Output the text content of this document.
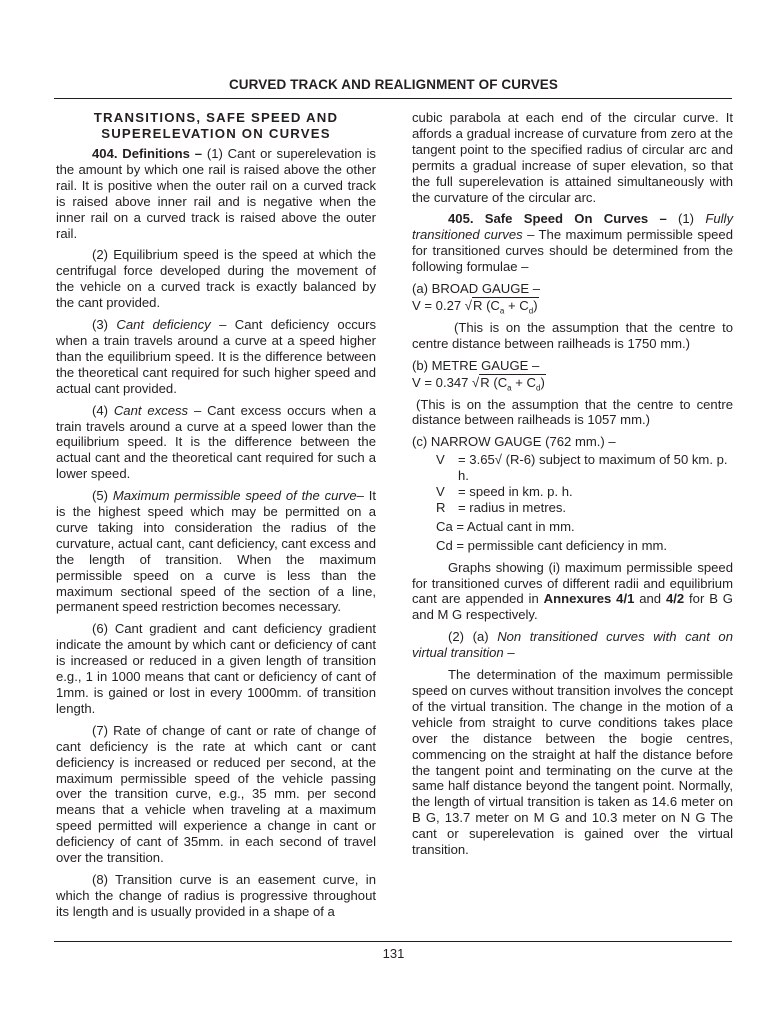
CURVED TRACK AND REALIGNMENT OF CURVES
TRANSITIONS, SAFE SPEED AND
SUPERELEVATION ON CURVES

404. Definitions – (1) Cant or superelevation is the amount by which one rail is raised above the other rail. It is positive when the outer rail on a curved track is raised above inner rail and is negative when the inner rail on a curved track is raised above the outer rail.

(2) Equilibrium speed is the speed at which the centrifugal force developed during the movement of the vehicle on a curved track is exactly balanced by the cant provided.

(3) Cant deficiency – Cant deficiency occurs when a train travels around a curve at a speed higher than the equilibrium speed. It is the difference between the theoretical cant required for such higher speed and actual cant provided.

(4) Cant excess – Cant excess occurs when a train travels around a curve at a speed lower than the equilibrium speed. It is the difference between the actual cant and the theoretical cant required for such a lower speed.

(5) Maximum permissible speed of the curve– It is the highest speed which may be permitted on a curve taking into consideration the radius of the curvature, actual cant, cant deficiency, cant excess and the length of transition. When the maximum permissible speed on a curve is less than the maximum sectional speed of the section of a line, permanent speed restriction becomes necessary.

(6) Cant gradient and cant deficiency gradient indicate the amount by which cant or deficiency of cant is increased or reduced in a given length of transition e.g., 1 in 1000 means that cant or deficiency of cant of 1mm. is gained or lost in every 1000mm. of transition length.

(7) Rate of change of cant or rate of change of cant deficiency is the rate at which cant or cant deficiency is increased or reduced per second, at the maximum permissible speed of the vehicle passing over the transition curve, e.g., 35 mm. per second means that a vehicle when traveling at a maximum speed permitted will experience a change in cant or deficiency of cant of 35mm. in each second of travel over the transition.

(8) Transition curve is an easement curve, in which the change of radius is progressive throughout its length and is usually provided in a shape of a

cubic parabola at each end of the circular curve. It affords a gradual increase of curvature from zero at the tangent point to the specified radius of circular arc and permits a gradual increase of super elevation, so that the full superelevation is attained simultaneously with the curvature of the circular arc.

405. Safe Speed On Curves – (1) Fully transitioned curves – The maximum permissible speed for transitioned curves should be determined from the following formulae –

(a) BROAD GAUGE –

V = 0.27 √R $(C_a + C_d)$

(This is on the assumption that the centre to centre distance between railheads is 1750 mm.)

(b) METRE GAUGE –

V = 0.347 √R $(C_a + C_d)$

(This is on the assumption that the centre to centre distance between railheads is 1057 mm.)

(c) NARROW GAUGE (762 mm.) –

V	= 3.65√ (R-6) subject to maximum of 50 km. p. h.
V	= speed in km. p. h.
R = radius in metres.
Ca = Actual cant in mm.
Cd = permissible cant deficiency in mm.

Graphs showing (i) maximum permissible speed for transitioned curves of different radii and equilibrium cant are appended in Annexures 4/1 and 4/2 for B G and M G respectively.

(2) (a) Non transitioned curves with cant on virtual transition –

The determination of the maximum permissible speed on curves without transition involves the concept of the virtual transition. The change in the motion of a vehicle from straight to curve conditions takes place over the distance between the bogie centres, commencing on the straight at half the distance before the tangent point and terminating on the curve at the same half distance beyond the tangent point. Normally, the length of virtual transition is taken as 14.6 meter on B G, 13.7 meter on M G and 10.3 meter on N G The cant or superelevation is gained over the virtual transition.

131
